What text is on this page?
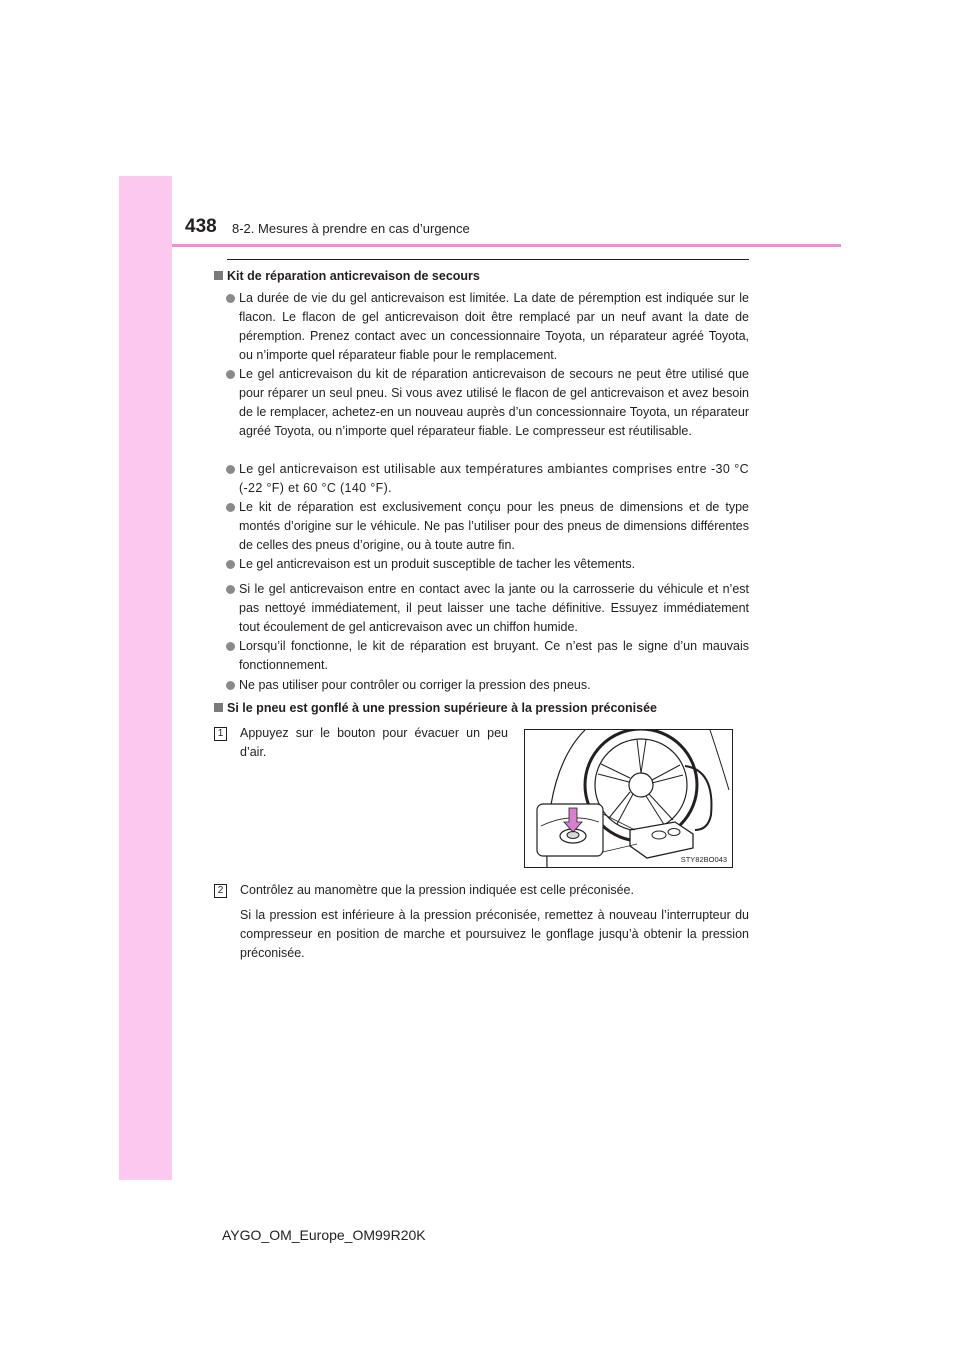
438 8-2. Mesures à prendre en cas d’urgence
Kit de réparation anticrevaison de secours
La durée de vie du gel anticrevaison est limitée. La date de péremption est indiquée sur le flacon. Le flacon de gel anticrevaison doit être remplacé par un neuf avant la date de péremption. Prenez contact avec un concessionnaire Toyota, un réparateur agréé Toyota, ou n’importe quel réparateur fiable pour le remplacement.
Le gel anticrevaison du kit de réparation anticrevaison de secours ne peut être utilisé que pour réparer un seul pneu. Si vous avez utilisé le flacon de gel anticrevaison et avez besoin de le remplacer, achetez-en un nouveau auprès d’un concessionnaire Toyota, un réparateur agréé Toyota, ou n’importe quel réparateur fiable. Le compresseur est réutilisable.
Le gel anticrevaison est utilisable aux températures ambiantes comprises entre -30 °C (-22 °F) et 60 °C (140 °F).
Le kit de réparation est exclusivement conçu pour les pneus de dimensions et de type montés d’origine sur le véhicule. Ne pas l’utiliser pour des pneus de dimensions différentes de celles des pneus d’origine, ou à toute autre fin.
Le gel anticrevaison est un produit susceptible de tacher les vêtements.
Si le gel anticrevaison entre en contact avec la jante ou la carrosserie du véhicule et n’est pas nettoyé immédiatement, il peut laisser une tache définitive. Essuyez immédiatement tout écoulement de gel anticrevaison avec un chiffon humide.
Lorsqu’il fonctionne, le kit de réparation est bruyant. Ce n’est pas le signe d’un mauvais fonctionnement.
Ne pas utiliser pour contrôler ou corriger la pression des pneus.
Si le pneu est gonflé à une pression supérieure à la pression préconisée
1 Appuyez sur le bouton pour évacuer un peu d’air.
STY82BO043
2 Contrôlez au manomètre que la pression indiquée est celle préconisée.
Si la pression est inférieure à la pression préconisée, remettez à nouveau l’interrupteur du compresseur en position de marche et poursuivez le gonflage jusqu’à obtenir la pression préconisée.
AYGO_OM_Europe_OM99R20K
